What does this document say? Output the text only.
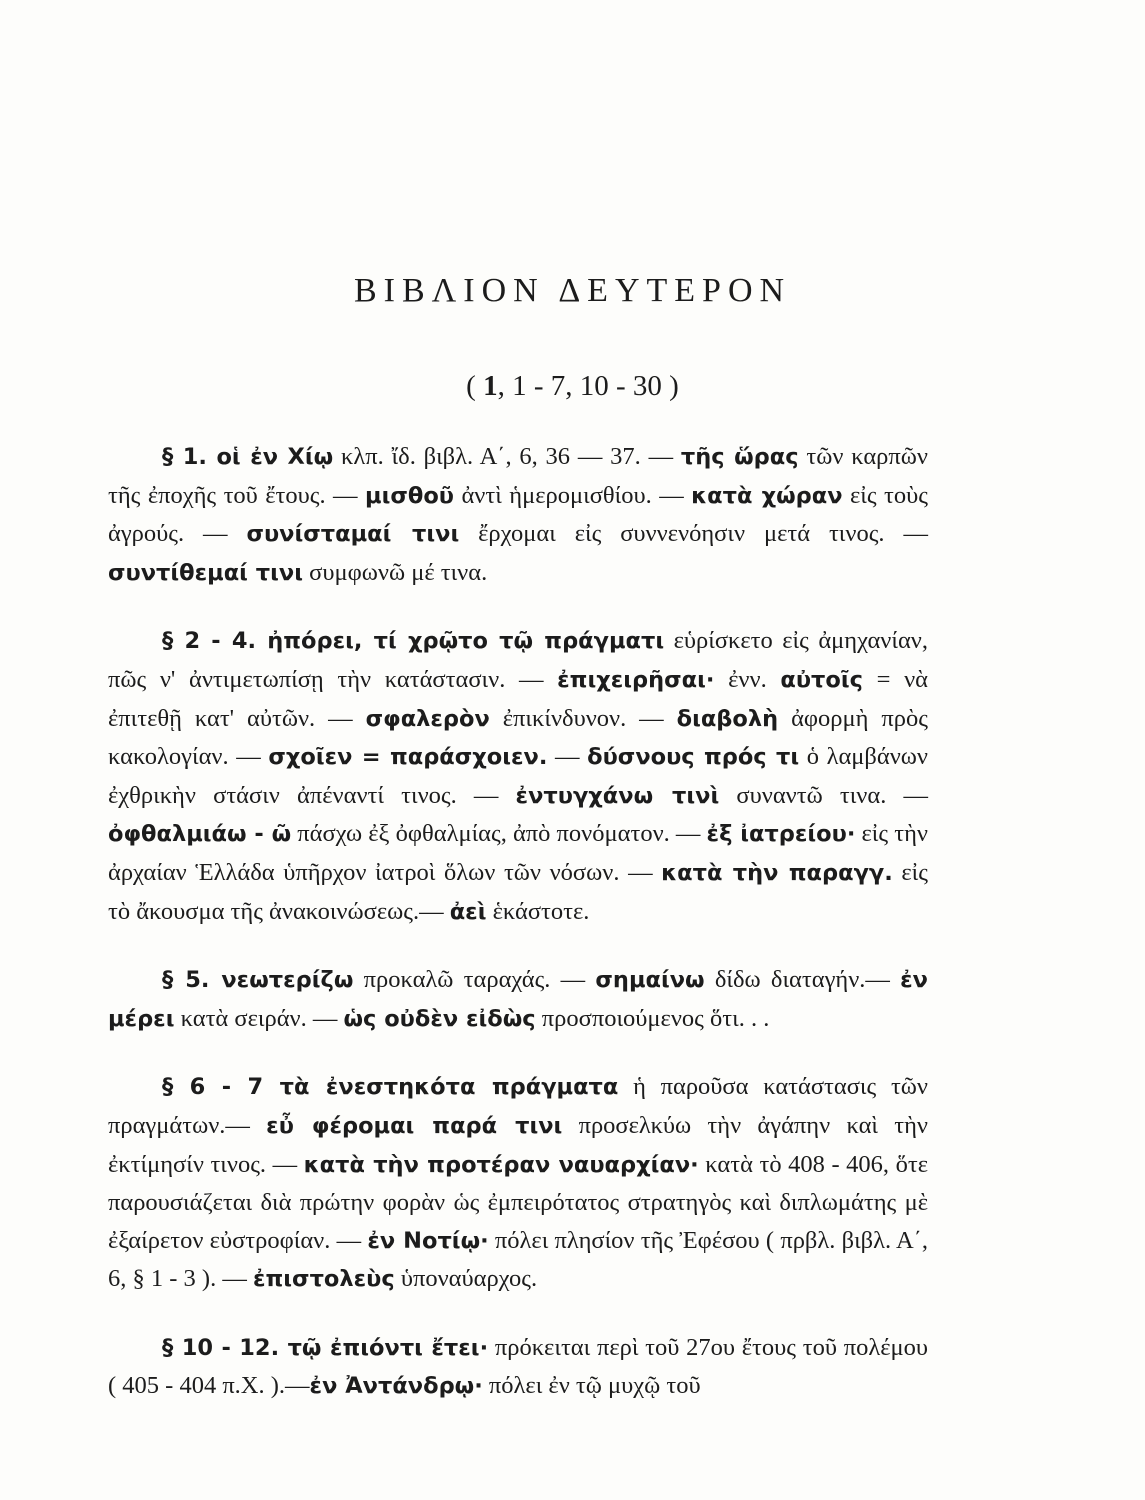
ΒΙΒΛΙΟΝ ΔΕΥΤΕΡΟΝ
( 1, 1 - 7, 10 - 30 )

§ 1. οἱ ἐν Χίῳ κλπ. ἴδ. βιβλ. Α΄, 6, 36 — 37. — τῆς ὥρας τῶν καρπῶν τῆς ἐποχῆς τοῦ ἔτους. — μισθοῦ ἀντὶ ἡμερομισθίου. — κατὰ χώραν εἰς τοὺς ἀγρούς. — συνίσταμαί τινι ἔρχομαι εἰς συννενόησιν μετά τινος. — συντίθεμαί τινι συμφωνῶ μέ τινα.

§ 2 - 4. ἠπόρει, τί χρῷτο τῷ πράγματι εὑρίσκετο εἰς ἀμηχανίαν, πῶς ν' ἀντιμετωπίσῃ τὴν κατάστασιν. — ἐπιχειρῆσαι· ἐνν. αὐτοῖς = νὰ ἐπιτεθῇ κατ' αὐτῶν. — σφαλερὸν ἐπικίνδυνον. — διαβολὴ ἀφορμὴ πρὸς κακολογίαν. — σχοῖεν = παράσχοιεν. — δύσνους πρός τι ὁ λαμβάνων ἐχθρικὴν στάσιν ἀπέναντί τινος. — ἐντυγχάνω τινὶ συναντῶ τινα. — ὀφθαλμιάω - ῶ πάσχω ἐξ ὀφθαλμίας, ἀπὸ πονόματον. — ἐξ ἰατρείου· εἰς τὴν ἀρχαίαν Ἑλλάδα ὑπῆρχον ἰατροὶ ὅλων τῶν νόσων. — κατὰ τὴν παραγγ. εἰς τὸ ἄκουσμα τῆς ἀνακοινώσεως.— ἀεὶ ἑκάστοτε.

§ 5. νεωτερίζω προκαλῶ ταραχάς. — σημαίνω δίδω διαταγήν.— ἐν μέρει κατὰ σειράν. — ὡς οὐδὲν εἰδὼς προσποιούμενος ὅτι. . .

§ 6 - 7 τὰ ἐνεστηκότα πράγματα ἡ παροῦσα κατάστασις τῶν πραγμάτων.— εὖ φέρομαι παρά τινι προσελκύω τὴν ἀγάπην καὶ τὴν ἐκτίμησίν τινος. — κατὰ τὴν προτέραν ναυαρχίαν· κατὰ τὸ 408 - 406, ὅτε παρουσιάζεται διὰ πρώτην φορὰν ὡς ἐμπειρότατος στρατηγὸς καὶ διπλωμάτης μὲ ἐξαίρετον εὐστροφίαν. — ἐν Νοτίῳ· πόλει πλησίον τῆς Ἐφέσου ( πρβλ. βιβλ. Α΄, 6, § 1 - 3 ). — ἐπιστολεὺς ὑποναύαρχος.

§ 10 - 12. τῷ ἐπιόντι ἔτει· πρόκειται περὶ τοῦ 27ου ἔτους τοῦ πολέμου ( 405 - 404 π.Χ. ).—ἐν Ἀντάνδρῳ· πόλει ἐν τῷ μυχῷ τοῦ
